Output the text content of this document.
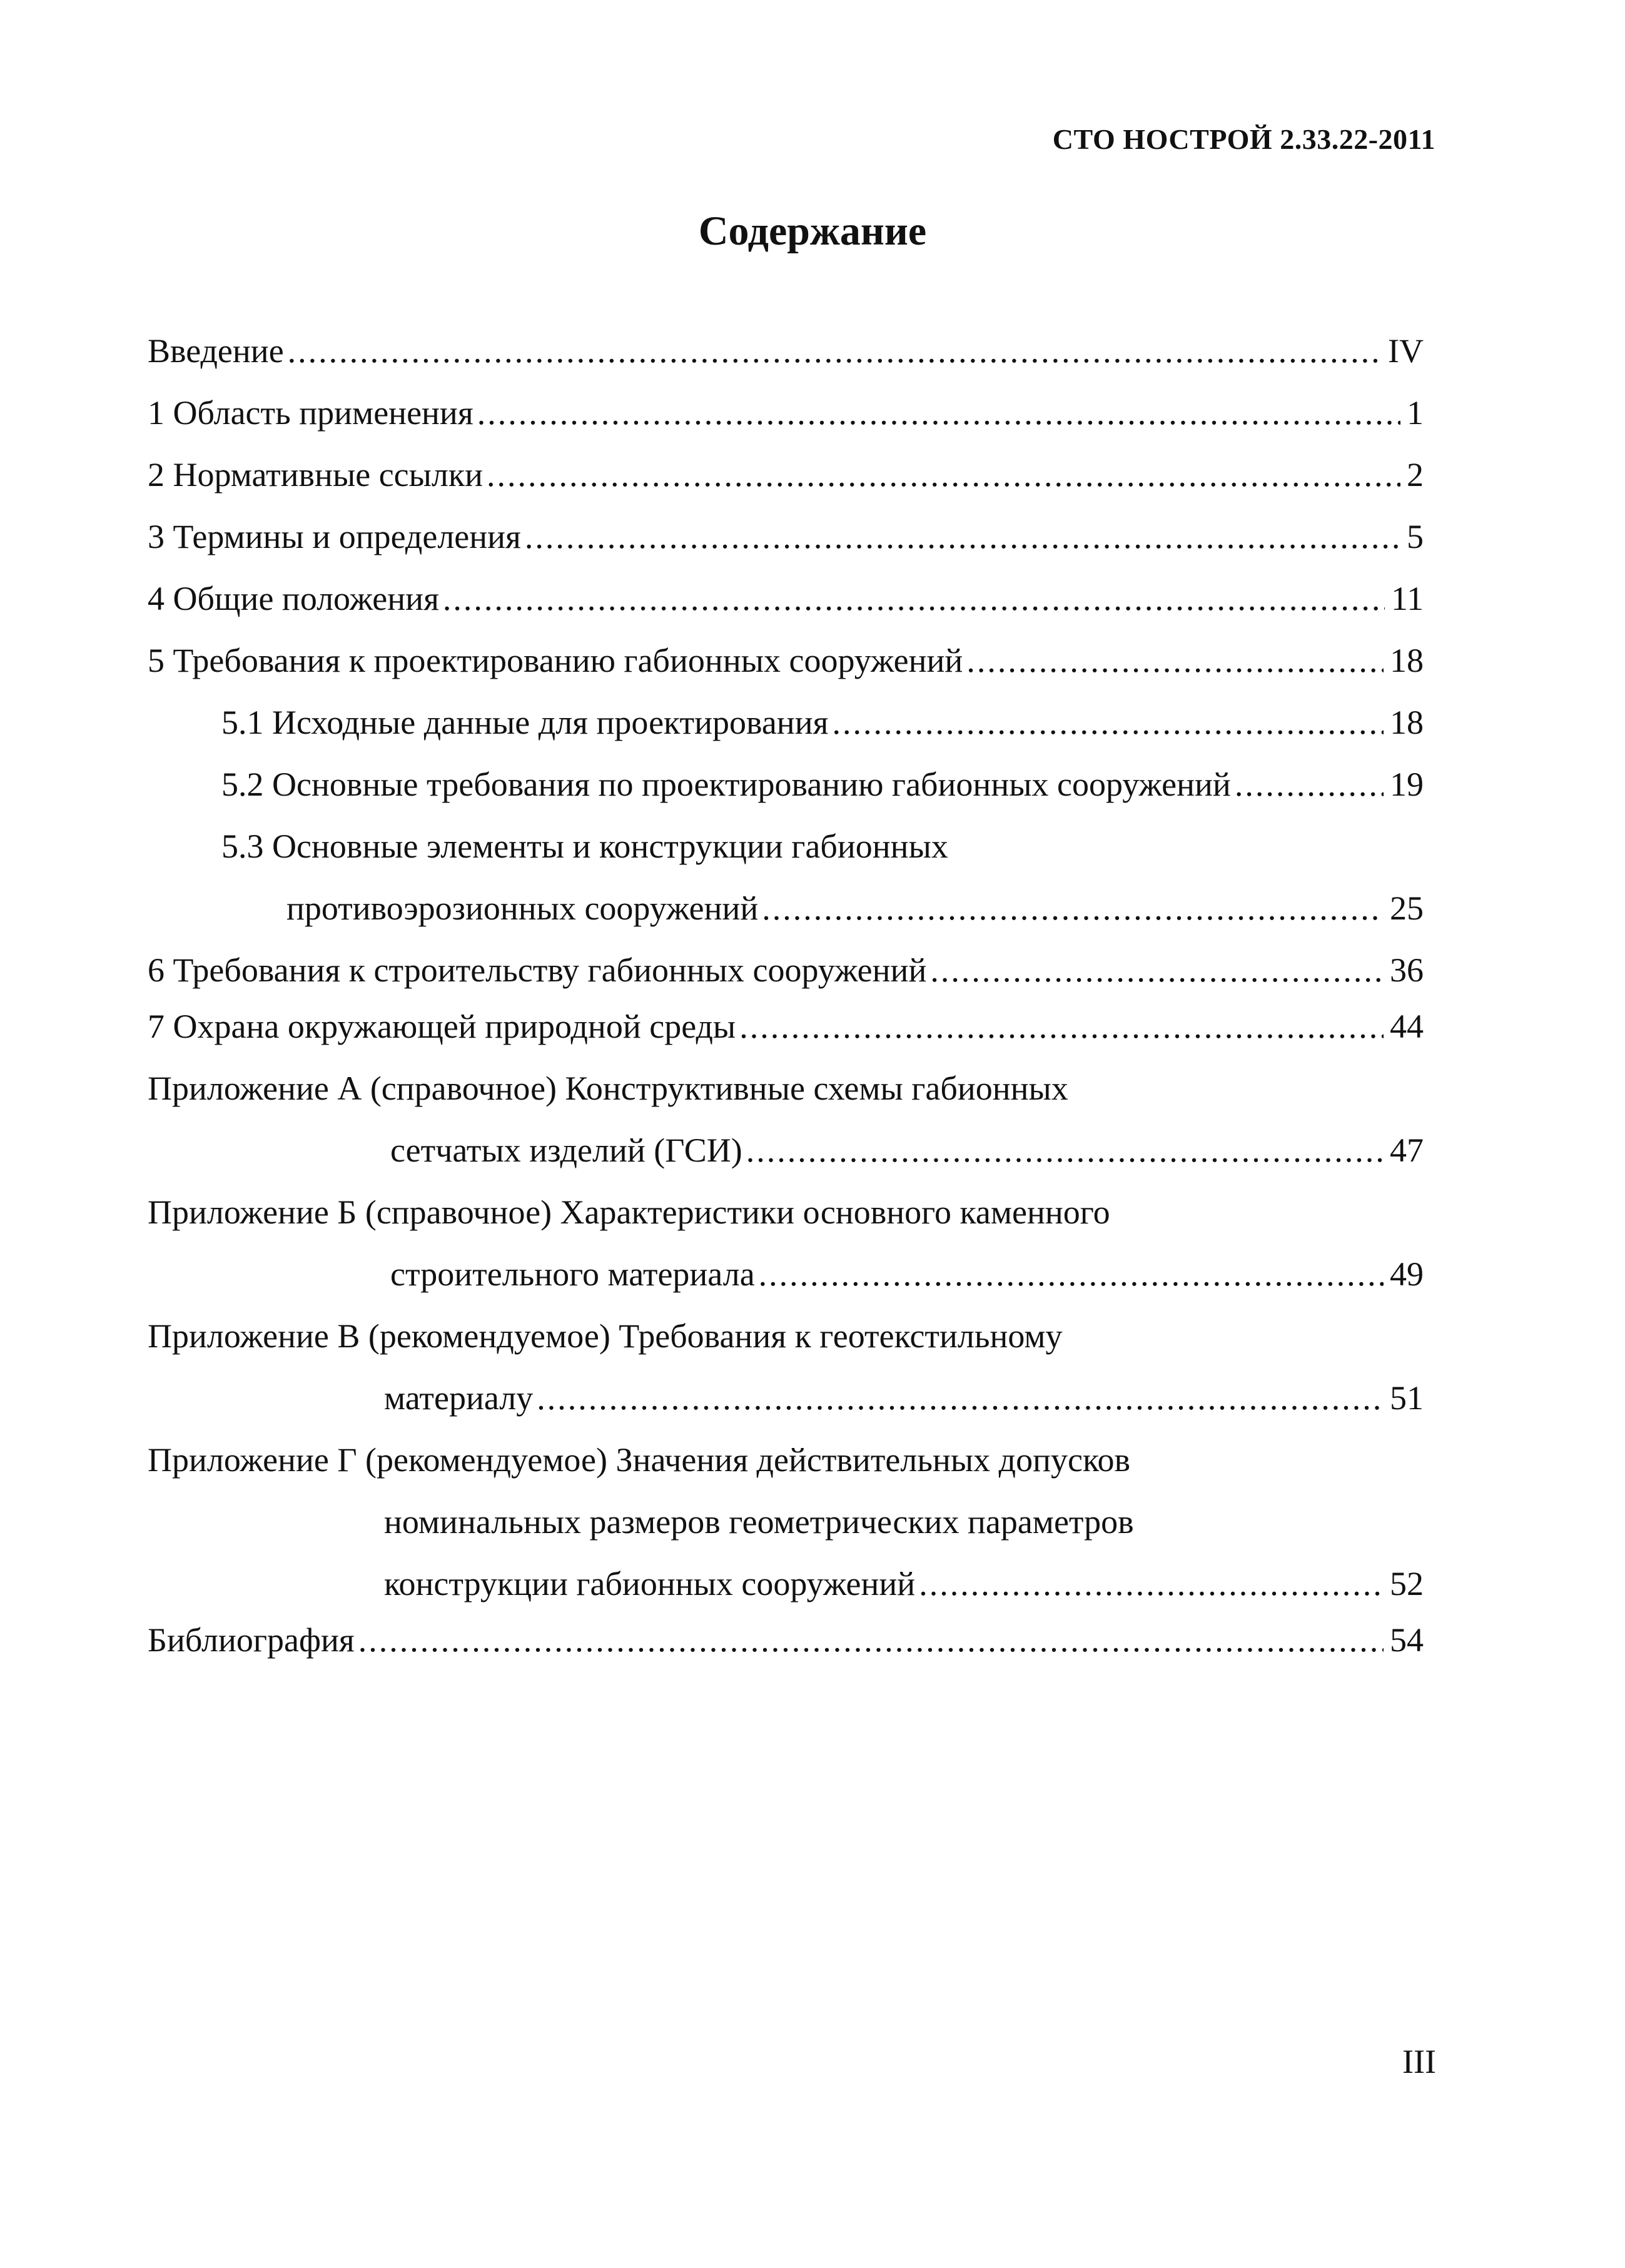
СТО НОСТРОЙ 2.33.22-2011
Содержание
Введение .....	IV
1 Область применения .....	1
2 Нормативные ссылки .....	2
3 Термины и определения .....	5
4 Общие положения .....	11
5 Требования к проектированию габионных сооружений .....	18
5.1 Исходные данные для проектирования .....	18
5.2 Основные требования по проектированию габионных сооружений .....	19
5.3 Основные элементы и конструкции габионных
противоэрозионных сооружений .....	25
6 Требования к строительству габионных сооружений .....	36
7 Охрана окружающей природной среды .....	44
Приложение А (справочное) Конструктивные схемы габионных
сетчатых изделий (ГСИ) .....	47
Приложение Б (справочное) Характеристики основного каменного
строительного материала .....	49
Приложение В (рекомендуемое) Требования к геотекстильному
материалу .....	51
Приложение Г (рекомендуемое) Значения действительных допусков
номинальных размеров геометрических параметров
конструкции габионных сооружений .....	52
Библиография .....	54
III
